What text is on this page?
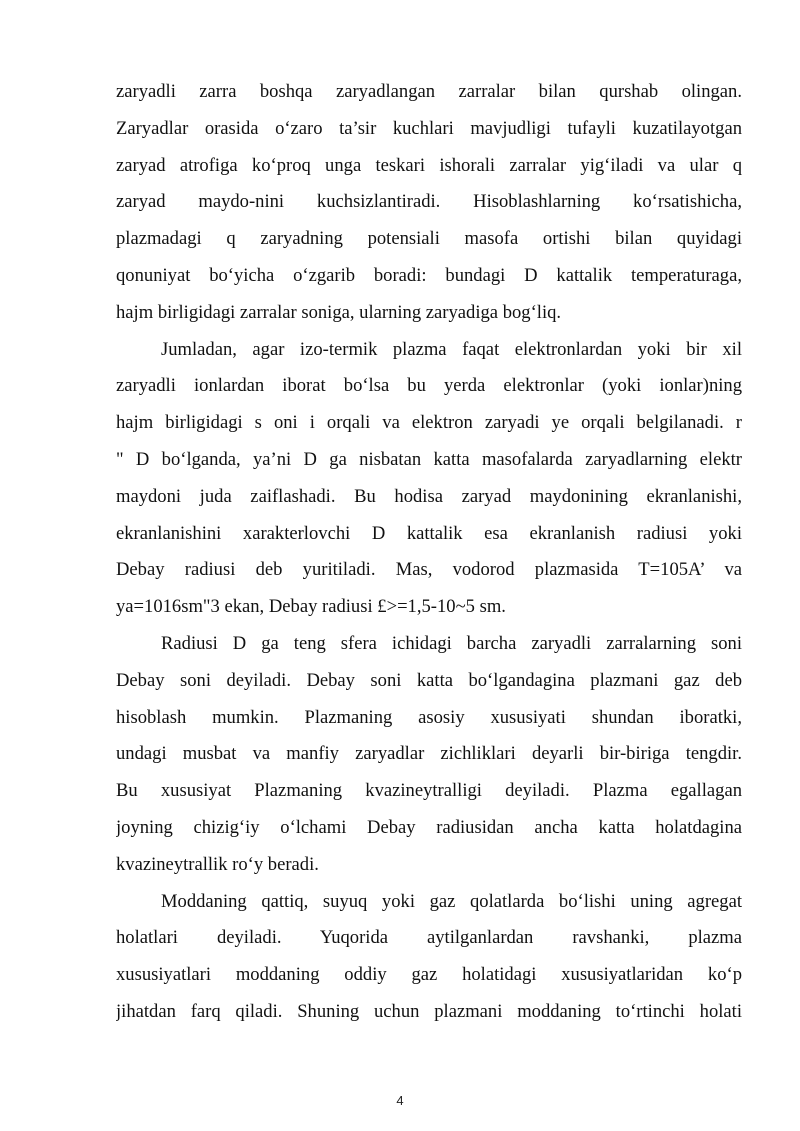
zaryadli zarra boshqa zaryadlangan zarralar bilan qurshab olingan.
Zaryadlar orasida o‘zaro ta’sir kuchlari mavjudligi tufayli kuzatilayotgan
zaryad atrofiga ko‘proq unga teskari ishorali zarralar yig‘iladi va ular q
zaryad maydo-nini kuchsizlantiradi. Hisoblashlarning ko‘rsatishicha,
plazmadagi q zaryadning potensiali masofa ortishi bilan quyidagi
qonuniyat bo‘yicha o‘zgarib boradi: bundagi D kattalik temperaturaga,
hajm birligidagi zarralar soniga, ularning zaryadiga bog‘liq.
Jumladan, agar izo-termik plazma faqat elektronlardan yoki bir xil
zaryadli ionlardan iborat bo‘lsa bu yerda elektronlar (yoki ionlar)ning
hajm birligidagi s oni i orqali va elektron zaryadi ye orqali belgilanadi. r
" D bo‘lganda, ya’ni D ga nisbatan katta masofalarda zaryadlarning elektr
maydoni juda zaiflashadi. Bu hodisa zaryad maydonining ekranlanishi,
ekranlanishini xarakterlovchi D kattalik esa ekranlanish radiusi yoki
Debay radiusi deb yuritiladi. Mas, vodorod plazmasida T=105A’ va
ya=1016sm"3 ekan, Debay radiusi £>=1,5-10~5 sm.
Radiusi D ga teng sfera ichidagi barcha zaryadli zarralarning soni
Debay soni deyiladi. Debay soni katta bo‘lgandagina plazmani gaz deb
hisoblash mumkin. Plazmaning asosiy xususiyati shundan iboratki,
undagi musbat va manfiy zaryadlar zichliklari deyarli bir-biriga tengdir.
Bu xususiyat Plazmaning kvazineytralligi deyiladi. Plazma egallagan
joyning chizig‘iy o‘lchami Debay radiusidan ancha katta holatdagina
kvazineytrallik ro‘y beradi.
Moddaning qattiq, suyuq yoki gaz qolatlarda bo‘lishi uning agregat
holatlari deyiladi. Yuqorida aytilganlardan ravshanki, plazma
xususiyatlari moddaning oddiy gaz holatidagi xususiyatlaridan ko‘p
jihatdan farq qiladi. Shuning uchun plazmani moddaning to‘rtinchi holati
4
